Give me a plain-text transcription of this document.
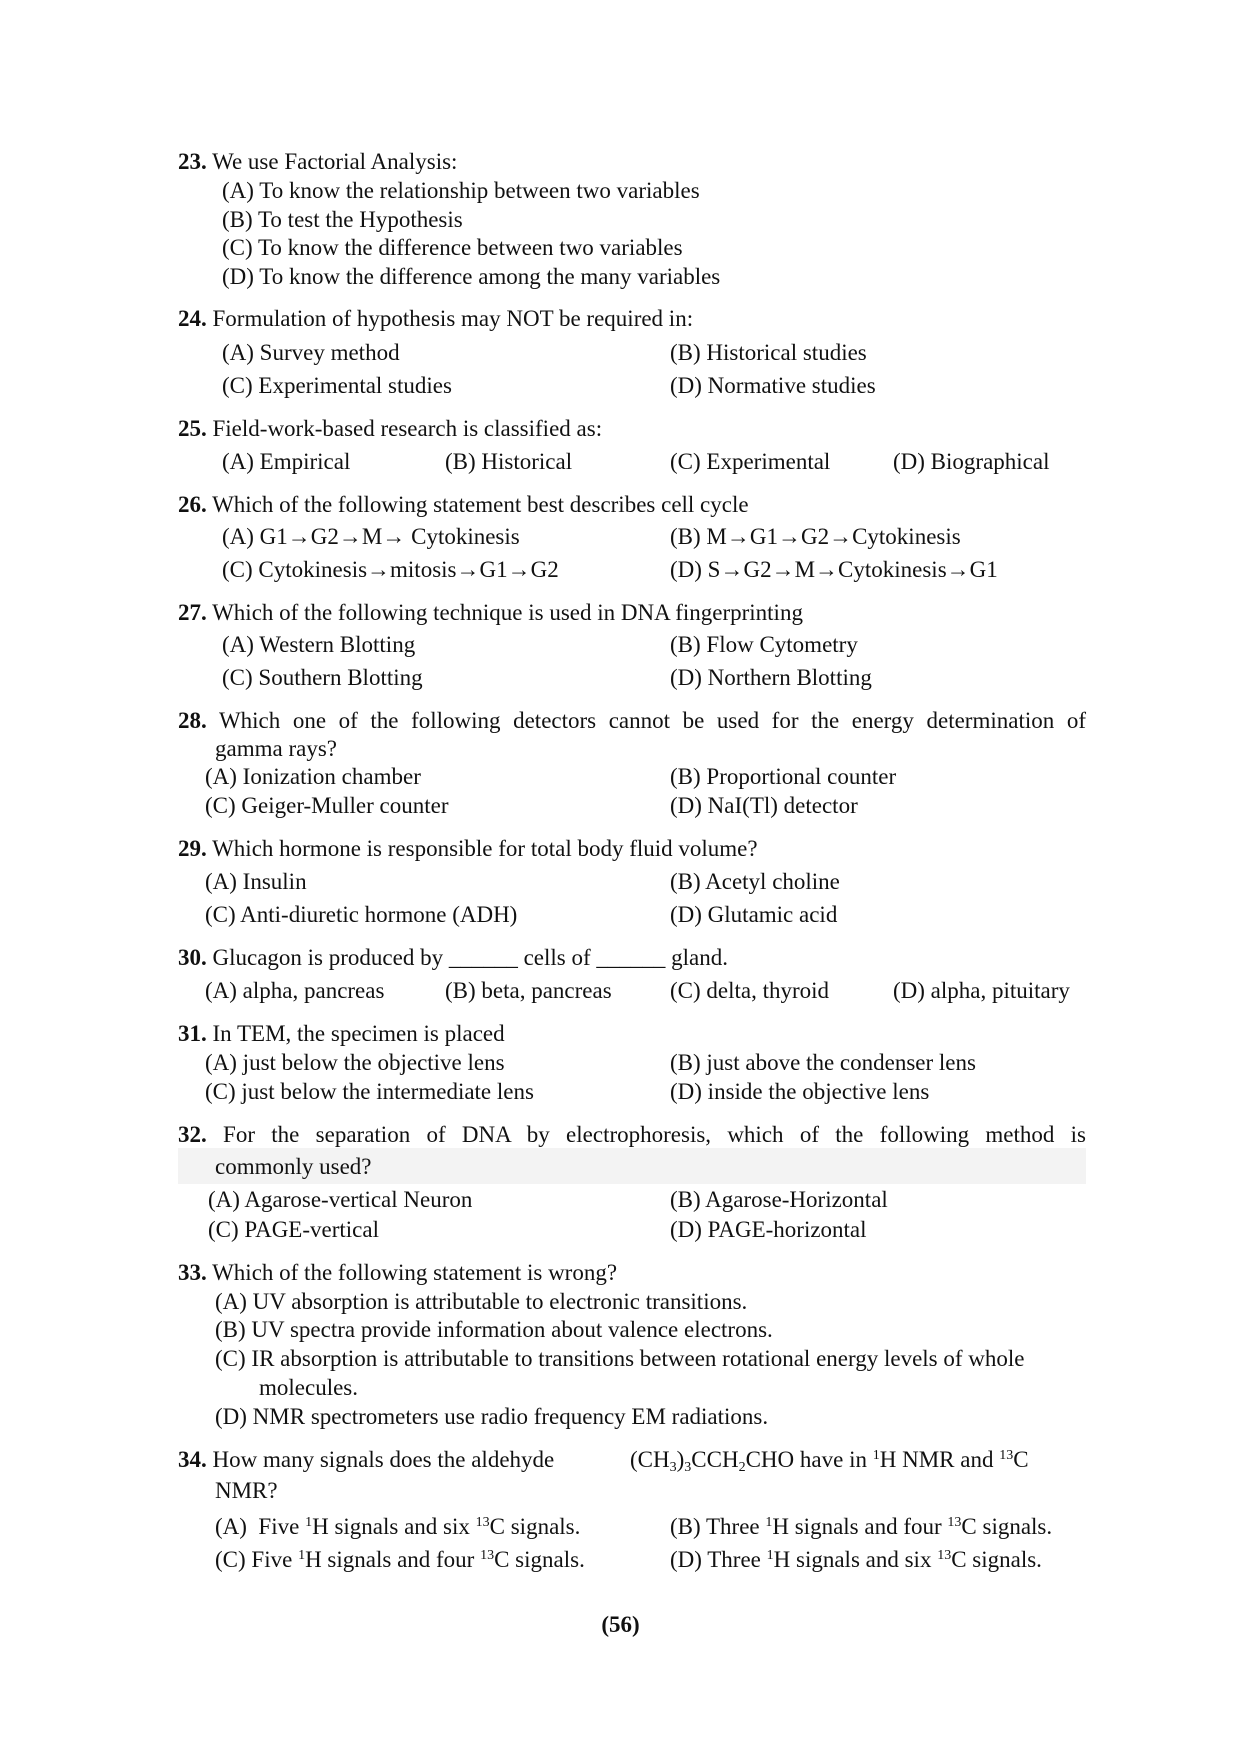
23. We use Factorial Analysis:
(A) To know the relationship between two variables
(B) To test the Hypothesis
(C) To know the difference between two variables
(D) To know the difference among the many variables
24. Formulation of hypothesis may NOT be required in:
(A) Survey method	(B) Historical studies
(C) Experimental studies	(D) Normative studies
25. Field-work-based research is classified as:
(A) Empirical	(B) Historical	(C) Experimental	(D) Biographical
26. Which of the following statement best describes cell cycle
(A) G1→G2→M→ Cytokinesis	(B) M→G1→G2→Cytokinesis
(C) Cytokinesis→mitosis→G1→G2	(D) S→G2→M→Cytokinesis→G1
27. Which of the following technique is used in DNA fingerprinting
(A) Western Blotting	(B) Flow Cytometry
(C) Southern Blotting	(D) Northern Blotting
28. Which one of the following detectors cannot be used for the energy determination of
gamma rays?
(A) Ionization chamber	(B) Proportional counter
(C) Geiger-Muller counter	(D) NaI(Tl) detector
29. Which hormone is responsible for total body fluid volume?
(A) Insulin	(B) Acetyl choline
(C) Anti-diuretic hormone (ADH)	(D) Glutamic acid
30. Glucagon is produced by ______ cells of ______ gland.
(A) alpha, pancreas	(B) beta, pancreas	(C) delta, thyroid	(D) alpha, pituitary
31. In TEM, the specimen is placed
(A) just below the objective lens	(B) just above the condenser lens
(C) just below the intermediate lens	(D) inside the objective lens
32. For the separation of DNA by electrophoresis, which of the following method is
commonly used?
(A) Agarose-vertical Neuron	(B) Agarose-Horizontal
(C) PAGE-vertical	(D) PAGE-horizontal
33. Which of the following statement is wrong?
(A) UV absorption is attributable to electronic transitions.
(B) UV spectra provide information about valence electrons.
(C) IR absorption is attributable to transitions between rotational energy levels of whole
molecules.
(D) NMR spectrometers use radio frequency EM radiations.
34. How many signals does the aldehyde	$(CH_3)_3CCH_2CHO$ have in $^1$H NMR and $^{13}$C
NMR?
(A)  Five $^1$H signals and six $^{13}$C signals.	(B) Three $^1$H signals and four $^{13}$C signals.
(C) Five $^1$H signals and four $^{13}$C signals.	(D) Three $^1$H signals and six $^{13}$C signals.
(56)
